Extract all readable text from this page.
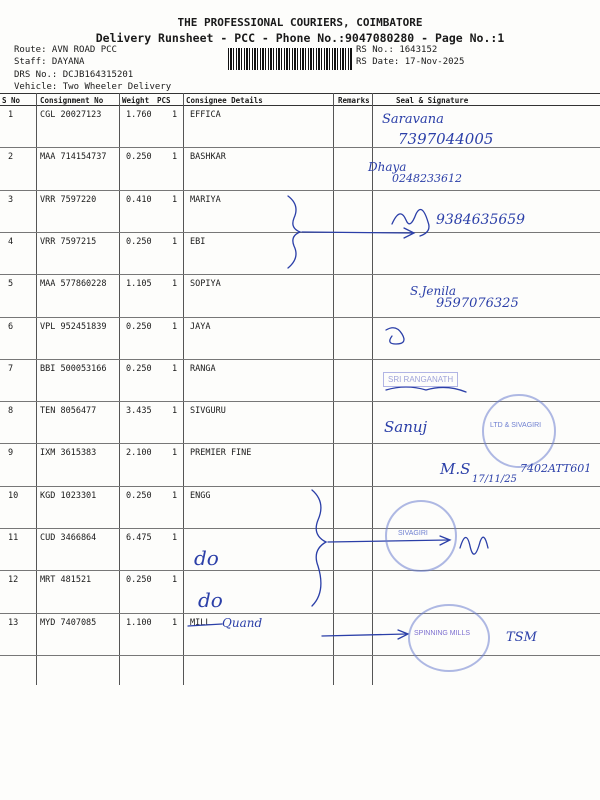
THE PROFESSIONAL COURIERS, COIMBATORE
Delivery Runsheet - PCC - Phone No.:9047080280 - Page No.:1
Route: AVN ROAD PCC
Staff: DAYANA
DRS No.: DCJB164315201
Vehicle: Two Wheeler Delivery
RS No.: 1643152
RS Date: 17-Nov-2025
S No	Consignment No	Weight PCS Consignee Details	Remarks	Seal & Signature
1	CGL 20027123	1.760 1 EFFICA
2	MAA 714154737 0.250 1 BASHKAR
3	VRR 7597220	0.410 1 MARIYA
4	VRR 7597215	0.250 1 EBI
5	MAA 577860228 1.105 1 SOPIYA
6	VPL 952451839 0.250 1 JAYA
7	BBI 500053166 0.250 1 RANGA
8	TEN 8056477	3.435 1 SIVGURU
9	IXM 3615383	2.100 1 PREMIER FINE
10	KGD 1023301	0.250 1 ENGG
11	CUD 3466864	6.475 1
12	MRT 481521	0.250 1
13	MYD 7407085	1.100 1 MILL
SRI RANGANATH
LTD & SIVAGIRI
SIVAGIRI
SPINNING MILLS
Saravana
7397044005
Dhaya
0248233612
9384635659
S.Jenila
9597076325
Sanuj
M.S
17/11/25
7402ATT601
do
do
Quand
TSM
